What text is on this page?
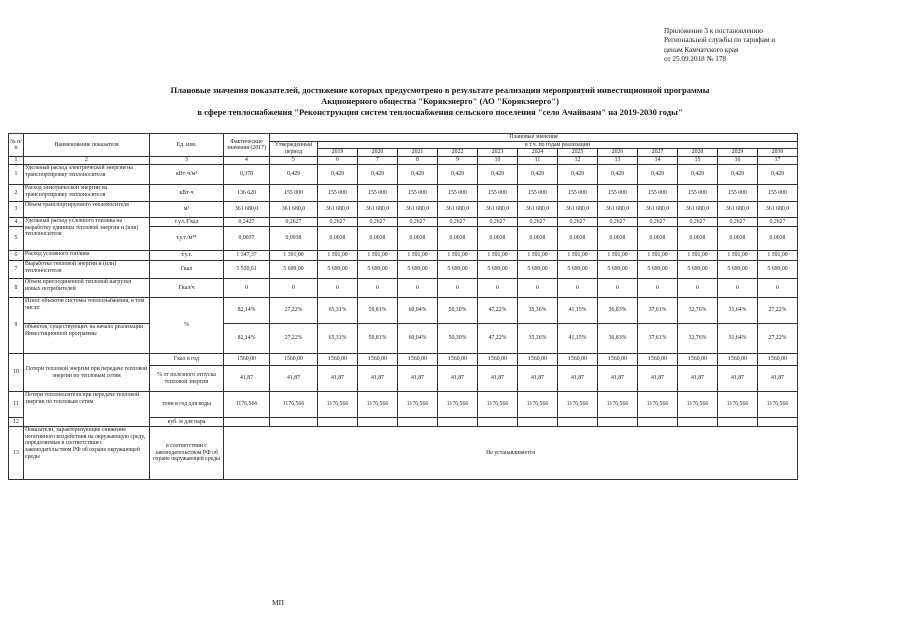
Приложение 3 к постановлению
Региональной службы по тарифам и
ценам Камчатского края
от 25.09.2018 № 178
Плановые значения показателей, достижение которых предусмотрено в результате реализации мероприятий инвестиционной программы
Акционерного общества "Корякэнерго" (АО "Корякэнерго")
в сфере теплоснабжения "Реконструкция систем теплоснабжения сельского поселения "село Ачайваям" на 2019-2030 годы"
№ п/п	Наименование показателя	Ед. изм.	Фактические значения (2017)	Плановые значения												
				Утвержденный период	в т.ч. по годам реализации											
					2019	2020	2021	2022	2023	2024	2025	2026	2027	2028	2029	2030
1	2	3	4	5	6	7	8	9	10	11	12	13	14	15	16	17
1	Удельный расход электрической энергии на транспортировку теплоносителя	кВт·ч/м³	0,378	0,429	0,429	0,429	0,429	0,429	0,429	0,429	0,429	0,429	0,429	0,429	0,429	0,429
2	Расход электрической энергии на транспортировку теплоносителя	кВт·ч	136 620	155 000	155 000	155 000	155 000	155 000	155 000	155 000	155 000	155 000	155 000	155 000	155 000	155 000
3	Объем транспортируемого теплоносителя	м³	361 680,0	361 680,0	361 680,0	361 680,0	361 680,0	361 680,0	361 680,0	361 680,0	361 680,0	361 680,0	361 680,0	361 680,0	361 680,0	361 680,0
4	Удельный расход условного топлива на выработку единицы тепловой энергии и (или) теплоносителя	т.у.т./Гкал	0,2427	0,2627	0,2627	0,2627	0,2627	0,2627	0,2627	0,2627	0,2627	0,2627	0,2627	0,2627	0,2627	0,2627
5		т.у.т./м³*	0,0037	0,0038	0,0038	0,0038	0,0038	0,0038	0,0038	0,0038	0,0038	0,0038	0,0038	0,0038	0,0038	0,0038
6	Расход условного топлива	т.у.т.	1 347,37	1 391,00	1 391,00	1 391,00	1 391,00	1 391,00	1 391,00	1 391,00	1 391,00	1 391,00	1 391,00	1 391,00	1 391,00	1 391,00
7	Выработка тепловой энергии и (или) теплоносителя	Гкал	5 530,61	5 699,00	5 699,00	5 699,00	5 699,00	5 699,00	5 699,00	5 699,00	5 699,00	5 699,00	5 699,00	5 699,00	5 699,00	5 699,00
8	Объем присоединенной тепловой нагрузки новых потребителей	Гкал/ч	0	0	0	0	0	0	0	0	0	0	0	0	0	0
9	Износ объектов системы теплоснабжения, в том числе:	%	82,14%	27,22%	65,31%	59,81%	60,04%	50,30%	47,22%	35,36%	41,15%	36,83%	37,61%	32,76%	31,64%	27,22%
	объектов, существующих на начало реализации Инвестиционной программы		82,14%	27,22%	65,31%	59,81%	60,04%	50,30%	47,22%	35,36%	41,15%	36,83%	37,61%	32,76%	31,64%	27,22%
10	Потери тепловой энергии при передаче тепловой энергии по тепловым сетям	Гкал в год	1560,00	1560,00	1560,00	1560,00	1560,00	1560,00	1560,00	1560,00	1560,00	1560,00	1560,00	1560,00	1560,00	1560,00
		% от полезного отпуска тепловой энергии	41,87	41,87	41,87	41,87	41,87	41,87	41,87	41,87	41,87	41,87	41,87	41,87	41,87	41,87
11	Потери теплоносителя при передаче тепловой энергии по тепловым сетям	тонн в год для воды	1176,566	1176,566	1176,566	1176,566	1176,566	1176,566	1176,566	1176,566	1176,566	1176,566	1176,566	1176,566	1176,566	1176,566
12		куб. м для пара														
13	Показатели, характеризующие снижение негативного воздействия на окружающую среду, определяемые в соответствии с законодательством РФ об охране окружающей среды	в соответствии с законодательством РФ об охране окружающей среды	Не устанавливается													
МП
